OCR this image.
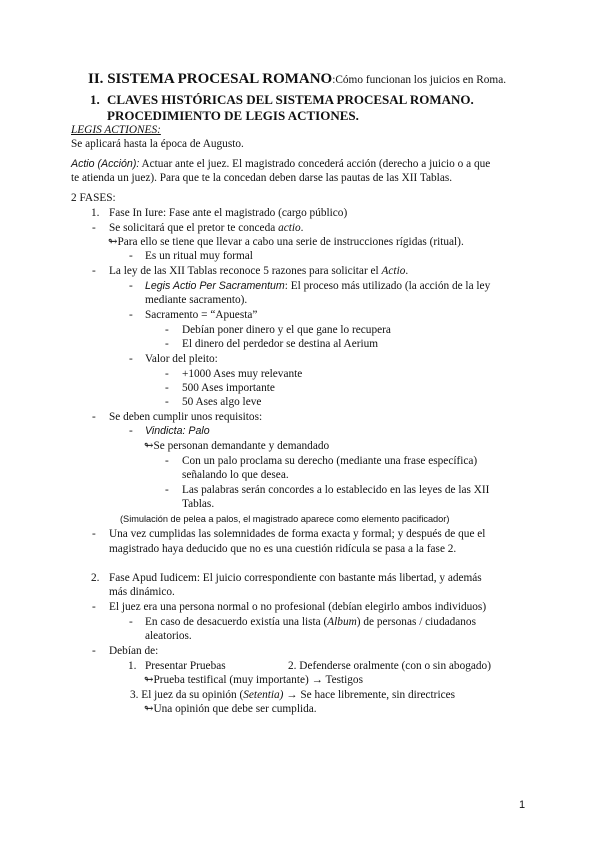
II. SISTEMA PROCESAL ROMANO:Cómo funcionan los juicios en Roma.
1. CLAVES HISTÓRICAS DEL SISTEMA PROCESAL ROMANO.
PROCEDIMIENTO DE LEGIS ACTIONES.
LEGIS ACTIONES:
Se aplicará hasta la época de Augusto.
Actio (Acción): Actuar ante el juez. El magistrado concederá acción (derecho a juicio o a que
te atienda un juez). Para que te la concedan deben darse las pautas de las XII Tablas.
2 FASES:
1. Fase In Iure: Fase ante el magistrado (cargo público)
- Se solicitará que el pretor te conceda actio.
↬Para ello se tiene que llevar a cabo una serie de instrucciones rígidas (ritual).
- Es un ritual muy formal
- La ley de las XII Tablas reconoce 5 razones para solicitar el Actio.
- Legis Actio Per Sacramentum: El proceso más utilizado (la acción de la ley
mediante sacramento).
- Sacramento = “Apuesta”
- Debían poner dinero y el que gane lo recupera
- El dinero del perdedor se destina al Aerium
- Valor del pleito:
- +1000 Ases muy relevante
- 500 Ases importante
- 50 Ases algo leve
- Se deben cumplir unos requisitos:
- Vindicta: Palo
↬Se personan demandante y demandado
- Con un palo proclama su derecho (mediante una frase específica)
señalando lo que desea.
- Las palabras serán concordes a lo establecido en las leyes de las XII
Tablas.
(Simulación de pelea a palos, el magistrado aparece como elemento pacificador)
- Una vez cumplidas las solemnidades de forma exacta y formal; y después de que el
magistrado haya deducido que no es una cuestión ridícula se pasa a la fase 2.
2. Fase Apud Iudicem: El juicio correspondiente con bastante más libertad, y además
más dinámico.
- El juez era una persona normal o no profesional (debían elegirlo ambos individuos)
- En caso de desacuerdo existía una lista (Album) de personas / ciudadanos
aleatorios.
- Debían de:
1. Presentar Pruebas	2. Defenderse oralmente (con o sin abogado)
↬Prueba testifical (muy importante) → Testigos
3. El juez da su opinión (Setentia) → Se hace libremente, sin directrices
↬Una opinión que debe ser cumplida.
1
